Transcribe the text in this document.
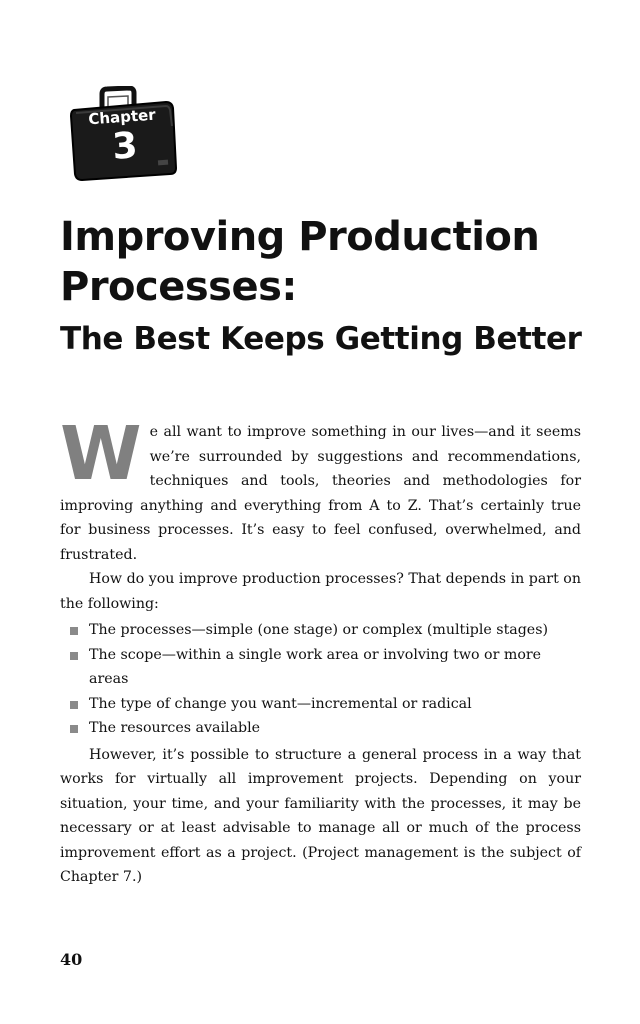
Chapter
3
Improving Production Processes:
The Best Keeps Getting Better

We all want to improve something in our lives—and it seems we’re surrounded by suggestions and recommendations, techniques and tools, theories and methodologies for improving anything and everything from A to Z. That’s certainly true for business processes. It’s easy to feel confused, overwhelmed, and frustrated.

How do you improve production processes? That depends in part on the following:

The processes—simple (one stage) or complex (multiple stages)
The scope—within a single work area or involving two or more areas
The type of change you want—incremental or radical
The resources available

However, it’s possible to structure a general process in a way that works for virtually all improvement projects. Depending on your situation, your time, and your familiarity with the processes, it may be necessary or at least advisable to manage all or much of the process improvement effort as a project. (Project management is the subject of Chapter 7.)

40
